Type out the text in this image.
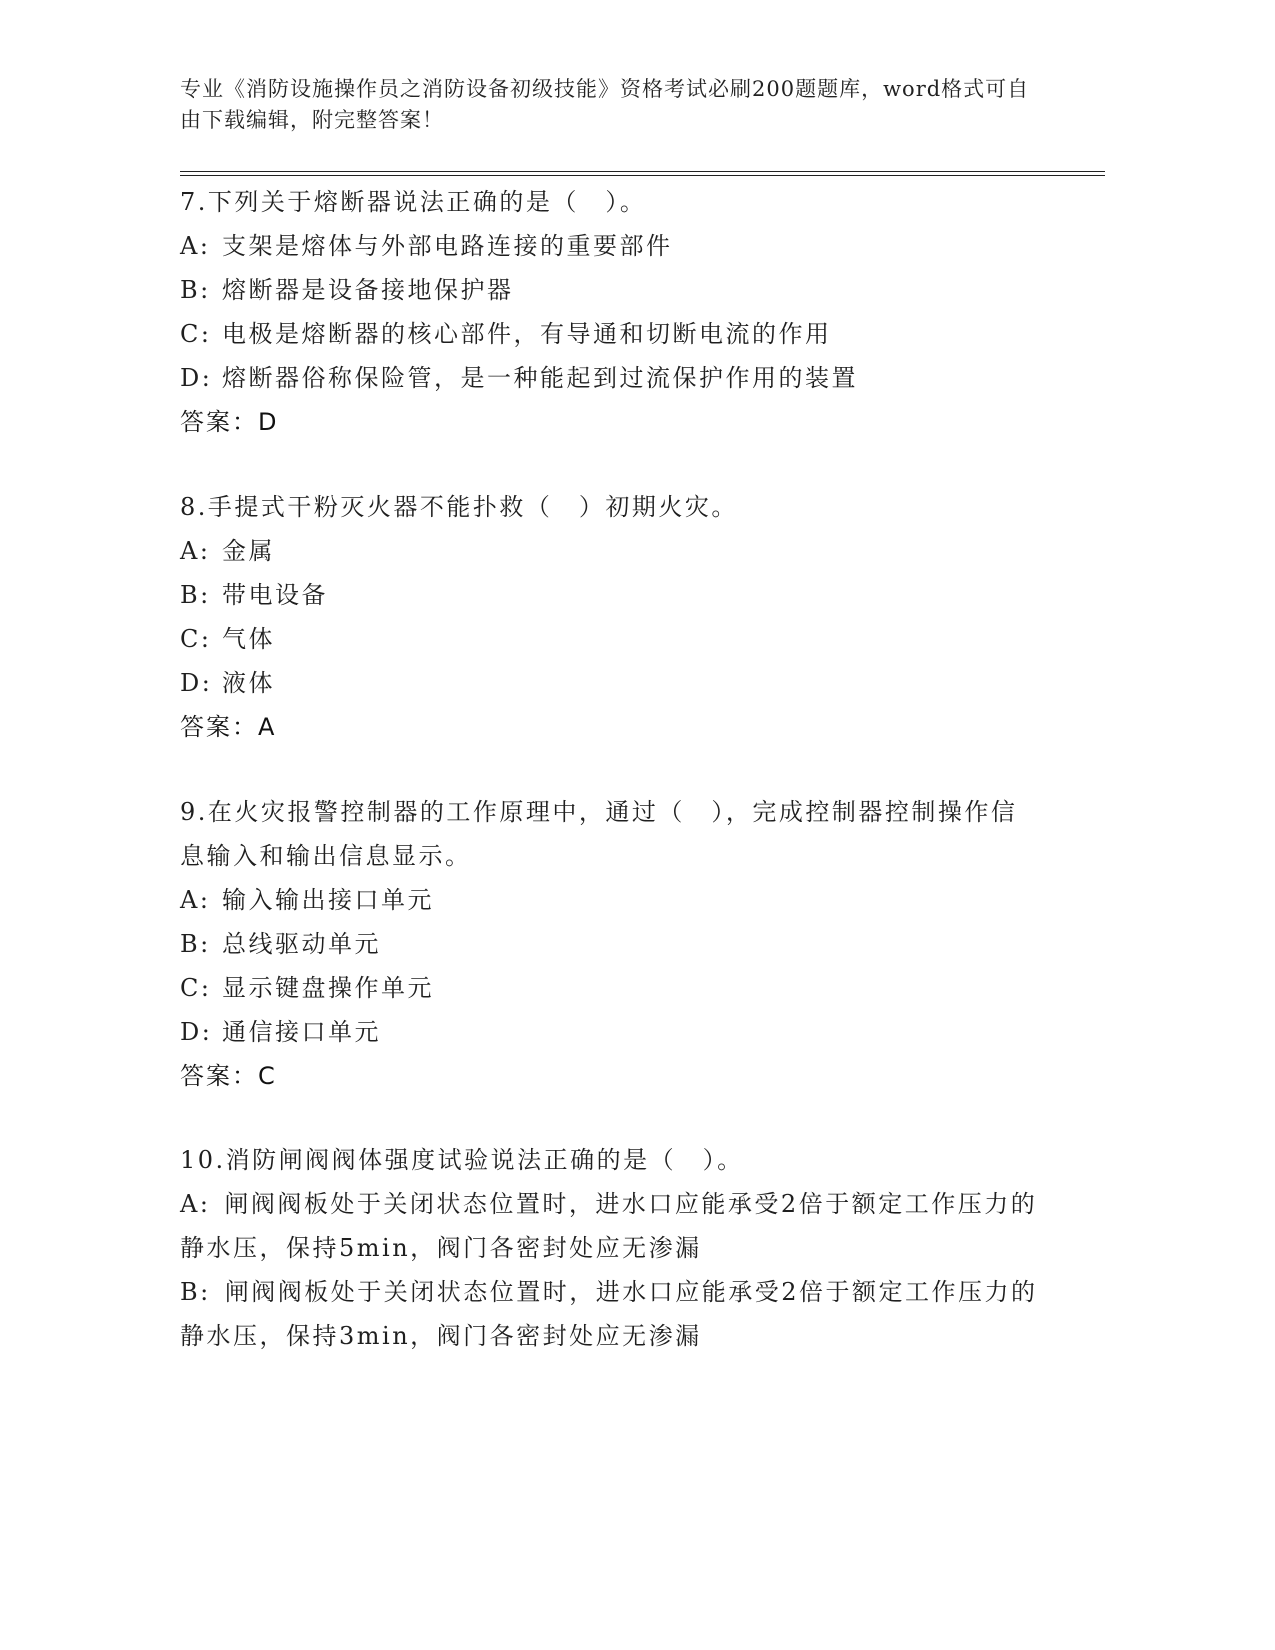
专业《消防设施操作员之消防设备初级技能》资格考试必刷200题题库，word格式可自由下载编辑，附完整答案！
7.下列关于熔断器说法正确的是（　）。
A: 支架是熔体与外部电路连接的重要部件
B: 熔断器是设备接地保护器
C: 电极是熔断器的核心部件，有导通和切断电流的作用
D: 熔断器俗称保险管，是一种能起到过流保护作用的装置
答案：D
8.手提式干粉灭火器不能扑救（　）初期火灾。
A: 金属
B: 带电设备
C: 气体
D: 液体
答案：A
9.在火灾报警控制器的工作原理中，通过（　），完成控制器控制操作信息输入和输出信息显示。
A: 输入输出接口单元
B: 总线驱动单元
C: 显示键盘操作单元
D: 通信接口单元
答案：C
10.消防闸阀阀体强度试验说法正确的是（　）。
A: 闸阀阀板处于关闭状态位置时，进水口应能承受2倍于额定工作压力的静水压，保持5min，阀门各密封处应无渗漏
B: 闸阀阀板处于关闭状态位置时，进水口应能承受2倍于额定工作压力的静水压，保持3min，阀门各密封处应无渗漏
